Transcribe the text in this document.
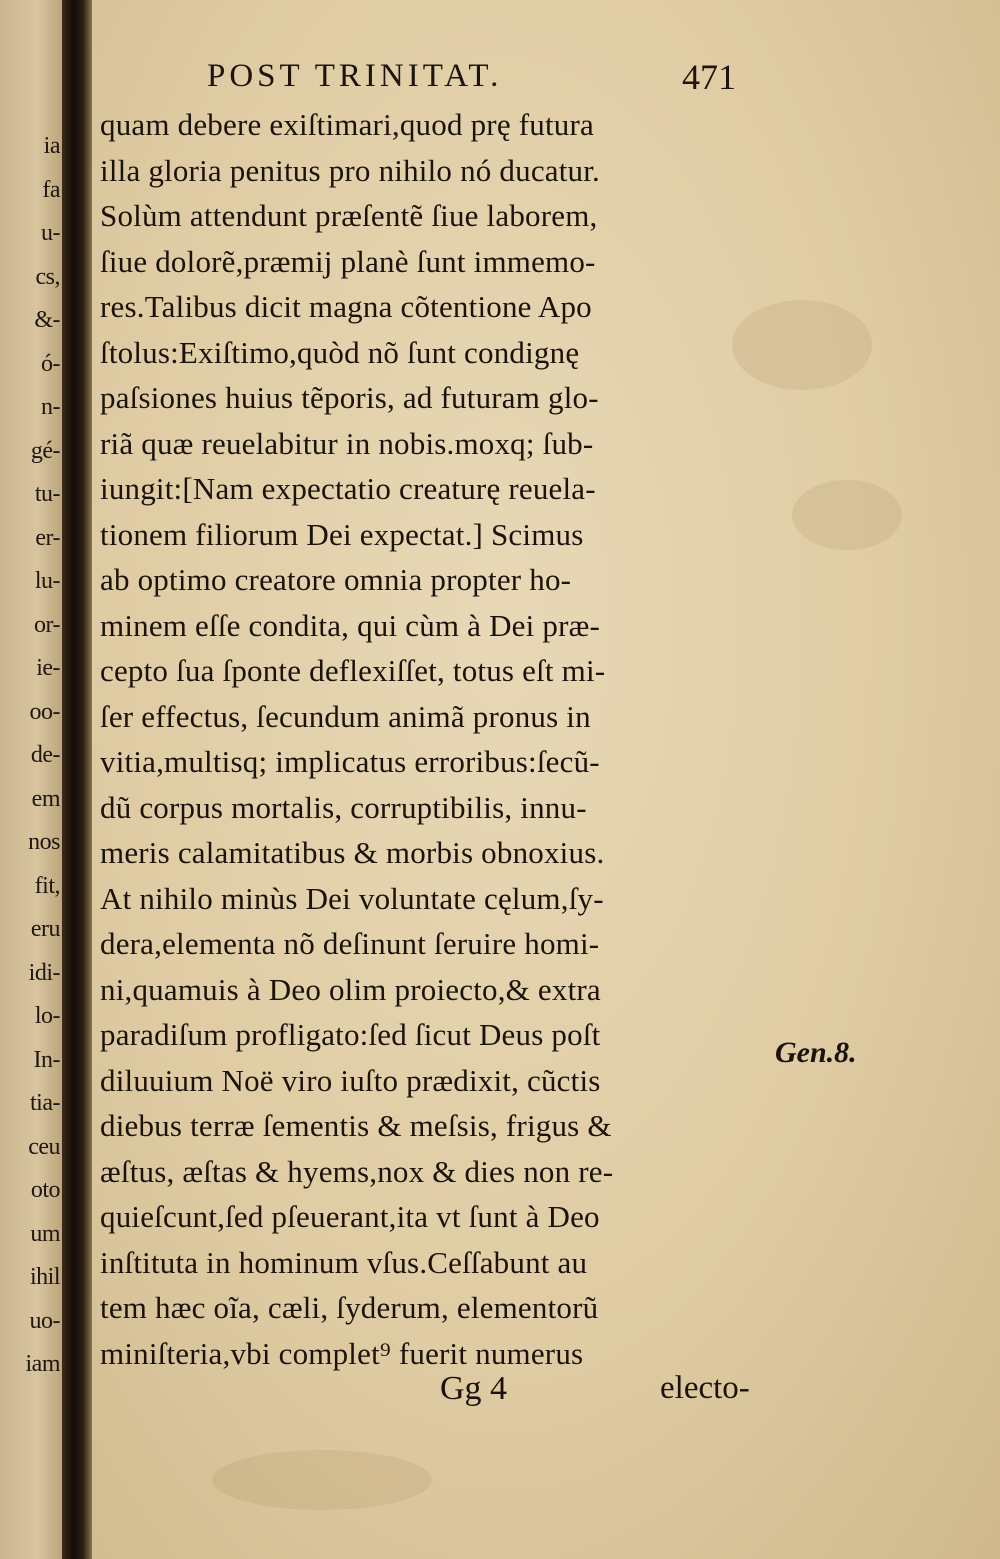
ia
fa
u-
cs,
&-
ó-
n-
gé-
tu-
er-
lu-
or-
ie-
oo-
de-
em
nos
fit,
eru
idi-
lo-
In-
tia-
ceu
oto
um
ihil
uo-
iam
POST TRINITAT.	471
quam debere exiſtimari,quod prę futura
illa gloria penitus pro nihilo nó ducatur.
Solùm attendunt præſentẽ ſiue laborem,
ſiue dolorẽ,præmij planè ſunt immemo-
res.Talibus dicit magna cõtentione Apo
ſtolus:Exiſtimo,quòd nõ ſunt condignę
paſsiones huius tẽporis, ad futuram glo-
riã quæ reuelabitur in nobis.moxq; ſub-
iungit:[Nam expectatio creaturę reuela-
tionem filiorum Dei expectat.] Scimus
ab optimo creatore omnia propter ho-
minem eſſe condita, qui cùm à Dei præ-
cepto ſua ſponte deflexiſſet, totus eſt mi-
ſer effectus, ſecundum animã pronus in
vitia,multisq; implicatus erroribus:ſecũ-
dũ corpus mortalis, corruptibilis, innu-
meris calamitatibus & morbis obnoxius.
At nihilo minùs Dei voluntate cęlum,ſy-
dera,elementa nõ deſinunt ſeruire homi-
ni,quamuis à Deo olim proiecto,& extra
paradiſum profligato:ſed ſicut Deus poſt
diluuium Noë viro iuſto prædixit, cũctis
diebus terræ ſementis & meſsis, frigus &
æſtus, æſtas & hyems,nox & dies non re-
quieſcunt,ſed pſeuerant,ita vt ſunt à Deo
inſtituta in hominum vſus.Ceſſabunt au
tem hæc oĩa, cæli, ſyderum, elementorũ
miniſteria,vbi complet⁹ fuerit numerus
Gen.8.
Gg 4	electo-
